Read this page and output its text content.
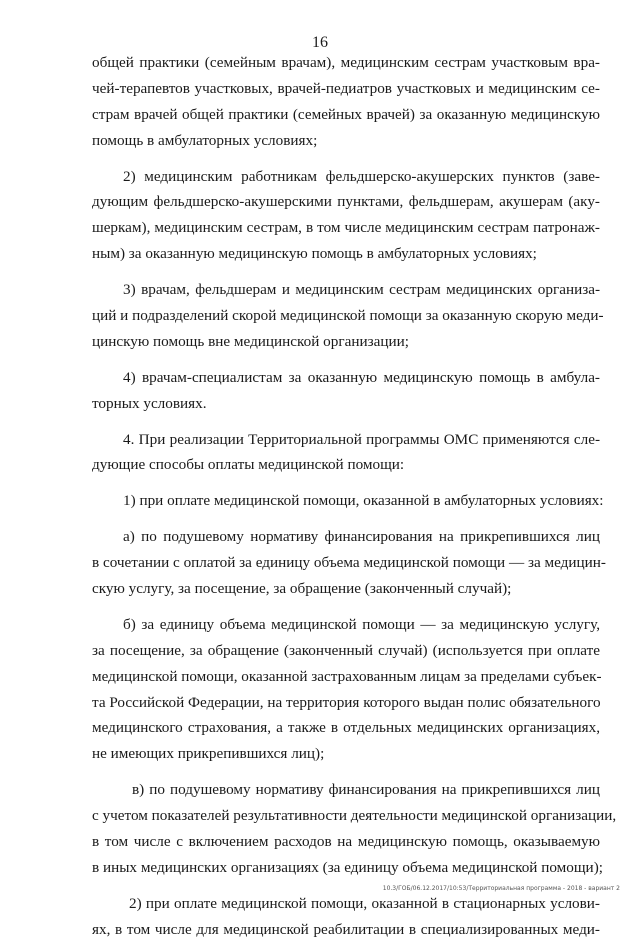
16
общей практики (семейным врачам), медицинским сестрам участковым вра-
чей-терапевтов участковых, врачей-педиатров участковых и медицинским се-
страм врачей общей практики (семейных врачей) за оказанную медицинскую
помощь в амбулаторных условиях;
2) медицинским работникам фельдшерско-акушерских пунктов (заве-
дующим фельдшерско-акушерскими пунктами, фельдшерам, акушерам (аку-
шеркам), медицинским сестрам, в том числе медицинским сестрам патронаж-
ным) за оказанную медицинскую помощь в амбулаторных условиях;
3) врачам, фельдшерам и медицинским сестрам медицинских организа-
ций и подразделений скорой медицинской помощи за оказанную скорую меди-
цинскую помощь вне медицинской организации;
4) врачам-специалистам за оказанную медицинскую помощь в амбула-
торных условиях.
4. При реализации Территориальной программы ОМС применяются сле-
дующие способы оплаты медицинской помощи:
1) при оплате медицинской помощи, оказанной в амбулаторных условиях:
а) по подушевому нормативу финансирования на прикрепившихся лиц
в сочетании с оплатой за единицу объема медицинской помощи — за медицин-
скую услугу, за посещение, за обращение (законченный случай);
б) за единицу объема медицинской помощи — за медицинскую услугу,
за посещение, за обращение (законченный случай) (используется при оплате
медицинской помощи, оказанной застрахованным лицам за пределами субъек-
та Российской Федерации, на территория которого выдан полис обязательного
медицинского страхования, а также в отдельных медицинских организациях,
не имеющих прикрепившихся лиц);
в) по подушевому нормативу финансирования на прикрепившихся лиц
с учетом показателей результативности деятельности медицинской организации,
в том числе с включением расходов на медицинскую помощь, оказываемую
в иных медицинских организациях (за единицу объема медицинской помощи);
2) при оплате медицинской помощи, оказанной в стационарных услови-
ях, в том числе для медицинской реабилитации в специализированных меди-
10.3/ГОБ/06.12.2017/10:53/Территориальная программа - 2018 - вариант 2
